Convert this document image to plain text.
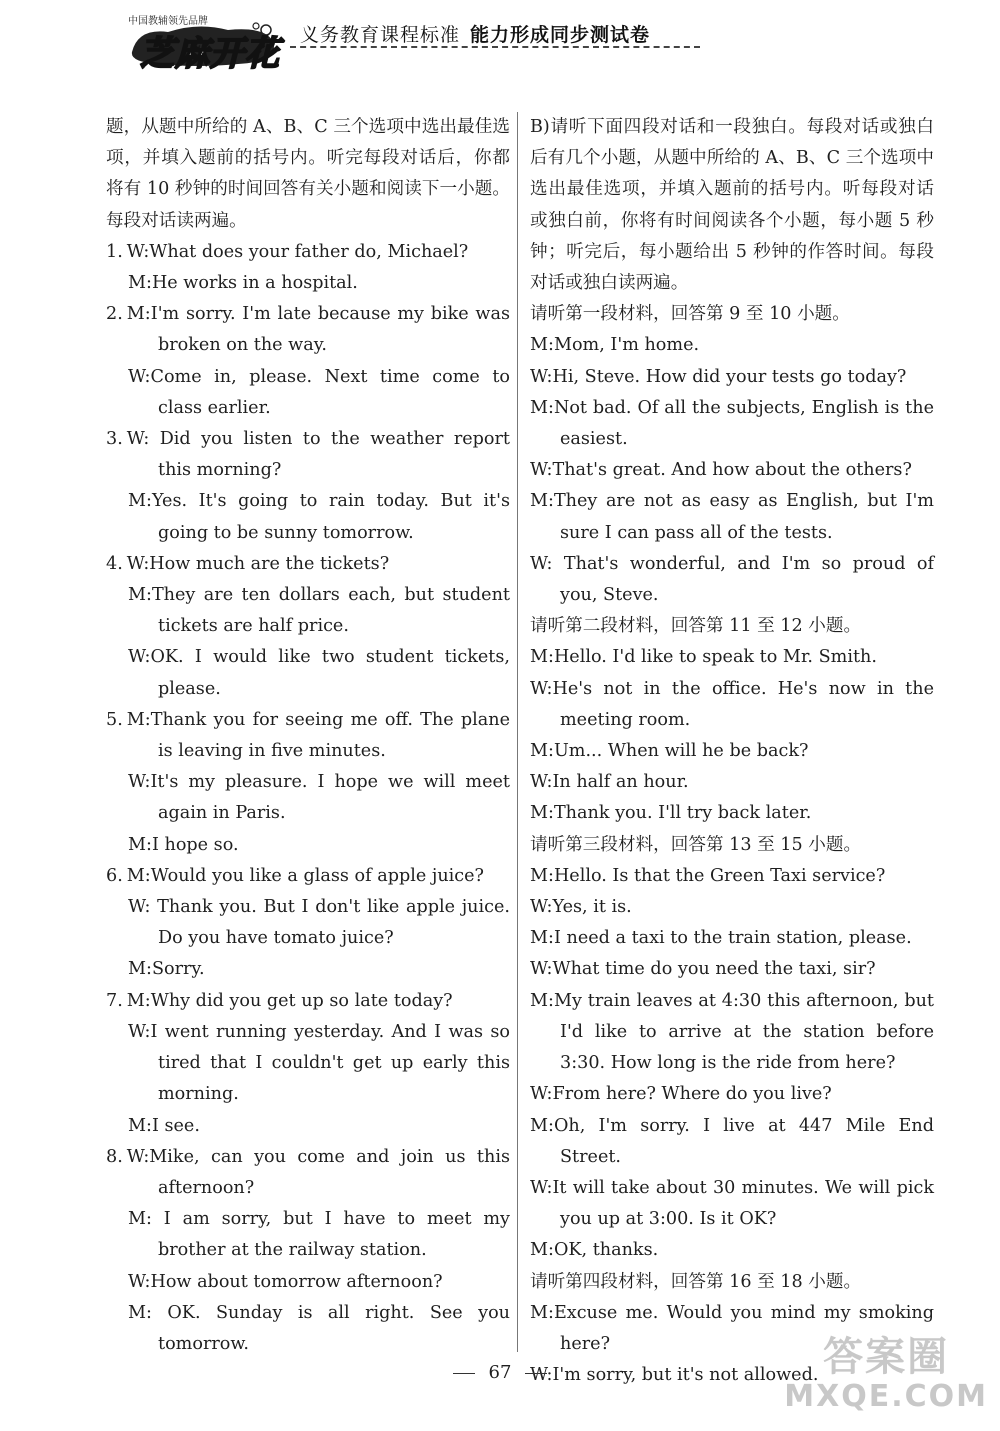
中国教辅领先品牌
芝麻开花 义务教育课程标准 能力形成同步测试卷

题，从题中所给的 A、B、C 三个选项中选出最佳选项，并填入题前的括号内。听完每段对话后，你都将有 10 秒钟的时间回答有关小题和阅读下一小题。每段对话读两遍。

1. W:What does your father do, Michael?

M:He works in a hospital.

2. M:I'm sorry. I'm late because my bike was broken on the way.

W:Come in, please. Next time come to class earlier.

3. W: Did you listen to the weather report this morning?

M:Yes. It's going to rain today. But it's going to be sunny tomorrow.

4. W:How much are the tickets?

M:They are ten dollars each, but student tickets are half price.

W:OK. I would like two student tickets, please.

5. M:Thank you for seeing me off. The plane is leaving in five minutes.

W:It's my pleasure. I hope we will meet again in Paris.

M:I hope so.

6. M:Would you like a glass of apple juice?

W: Thank you. But I don't like apple juice. Do you have tomato juice?

M:Sorry.

7. M:Why did you get up so late today?

W:I went running yesterday. And I was so tired that I couldn't get up early this morning.

M:I see.

8. W:Mike, can you come and join us this afternoon?

M: I am sorry, but I have to meet my brother at the railway station.

W:How about tomorrow afternoon?

M: OK. Sunday is all right. See you tomorrow.

B)请听下面四段对话和一段独白。每段对话或独白后有几个小题，从题中所给的 A、B、C 三个选项中选出最佳选项，并填入题前的括号内。听每段对话或独白前，你将有时间阅读各个小题，每小题 5 秒钟；听完后，每小题给出 5 秒钟的作答时间。每段对话或独白读两遍。

请听第一段材料，回答第 9 至 10 小题。

M:Mom, I'm home.

W:Hi, Steve. How did your tests go today?

M:Not bad. Of all the subjects, English is the easiest.

W:That's great. And how about the others?

M:They are not as easy as English, but I'm sure I can pass all of the tests.

W: That's wonderful, and I'm so proud of you, Steve.

请听第二段材料，回答第 11 至 12 小题。

M:Hello. I'd like to speak to Mr. Smith.

W:He's not in the office. He's now in the meeting room.

M:Um... When will he be back?

W:In half an hour.

M:Thank you. I'll try back later.

请听第三段材料，回答第 13 至 15 小题。

M:Hello. Is that the Green Taxi service?

W:Yes, it is.

M:I need a taxi to the train station, please.

W:What time do you need the taxi, sir?

M:My train leaves at 4:30 this afternoon, but I'd like to arrive at the station before 3:30. How long is the ride from here?

W:From here? Where do you live?

M:Oh, I'm sorry. I live at 447 Mile End Street.

W:It will take about 30 minutes. We will pick you up at 3:00. Is it OK?

M:OK, thanks.

请听第四段材料，回答第 16 至 18 小题。

M:Excuse me. Would you mind my smoking here?

W:I'm sorry, but it's not allowed.

67	答案圈
MXQE.COM
